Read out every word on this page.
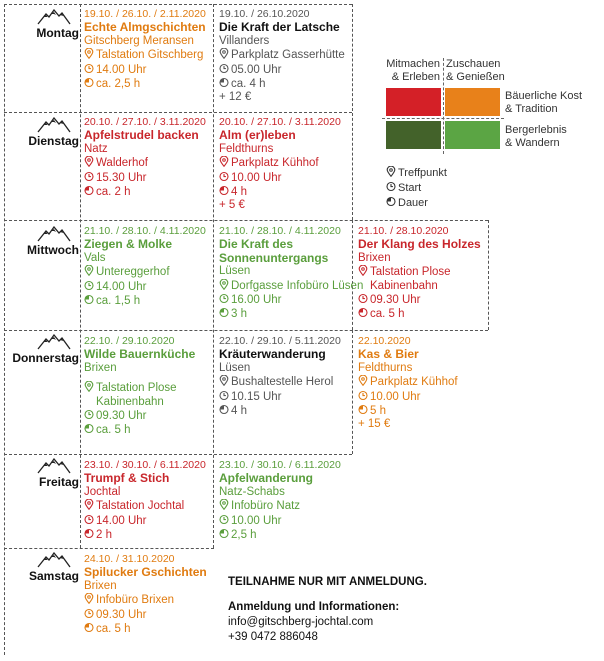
Montag
Dienstag
Mittwoch
Donnerstag
Freitag
Samstag
19.10. / 26.10. / 2.11.2020
Echte Almgschichten
Gitschberg Meransen
Talstation Gitschberg
14.00 Uhr
ca. 2,5 h
19.10. / 26.10.2020
Die Kraft der Latsche
Villanders
Parkplatz Gasserhütte
05.00 Uhr
ca. 4 h
+ 12 €
20.10. / 27.10. / 3.11.2020
Apfelstrudel backen
Natz
Walderhof
15.30 Uhr
ca. 2 h
20.10. / 27.10. / 3.11.2020
Alm (er)leben
Feldthurns
Parkplatz Kühhof
10.00 Uhr
4 h
+ 5 €
21.10. / 28.10. / 4.11.2020
Ziegen & Molke
Vals
Untereggerhof
14.00 Uhr
ca. 1,5 h
21.10. / 28.10. / 4.11.2020
Die Kraft des
Sonnenuntergangs
Lüsen
Dorfgasse Infobüro Lüsen
16.00 Uhr
3 h
21.10. / 28.10.2020
Der Klang des Holzes
Brixen
Talstation Plose
Kabinenbahn
09.30 Uhr
ca. 5 h
22.10. / 29.10.2020
Wilde Bauernküche
Brixen
Talstation Plose
Kabinenbahn
09.30 Uhr
ca. 5 h
22.10. / 29.10. / 5.11.2020
Kräuterwanderung
Lüsen
Bushaltestelle Herol
10.15 Uhr
4 h
22.10.2020
Kas & Bier
Feldthurns
Parkplatz Kühhof
10.00 Uhr
5 h
+ 15 €
23.10. / 30.10. / 6.11.2020
Trumpf & Stich
Jochtal
Talstation Jochtal
14.00 Uhr
2 h
23.10. / 30.10. / 6.11.2020
Apfelwanderung
Natz-Schabs
Infobüro Natz
10.00 Uhr
2,5 h
24.10. / 31.10.2020
Spilucker Gschichten
Brixen
Infobüro Brixen
09.30 Uhr
ca. 5 h
Mitmachen
& Erleben
Zuschauen
& Genießen
Bäuerliche Kost
& Tradition
Bergerlebnis
& Wandern
Treffpunkt
Start
Dauer
TEILNAHME NUR MIT ANMELDUNG.
Anmeldung und Informationen:
info@gitschberg-jochtal.com
+39 0472 886048
